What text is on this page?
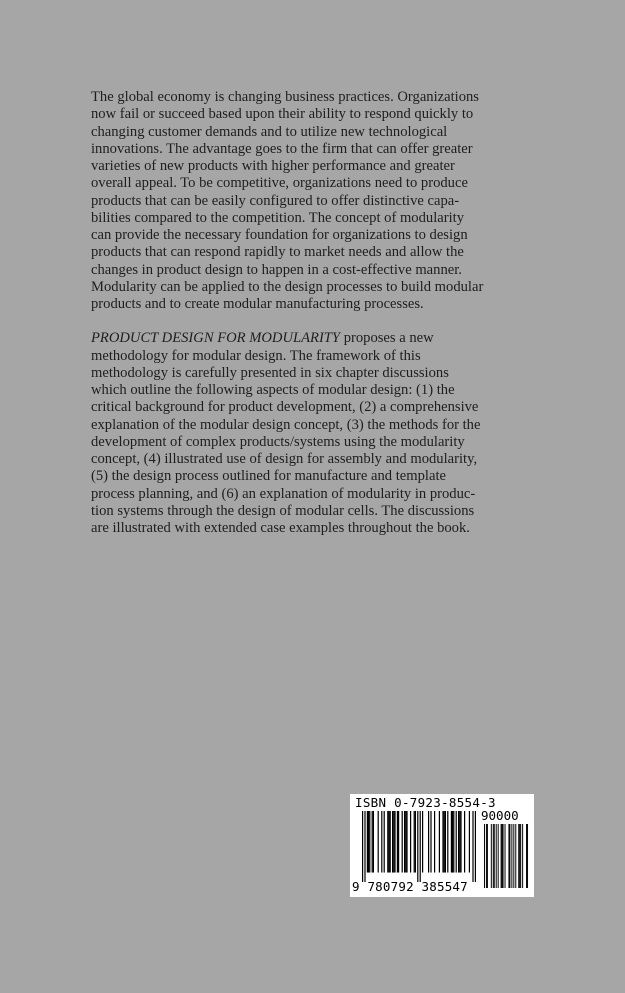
The global economy is changing business practices. Organizations
now fail or succeed based upon their ability to respond quickly to
changing customer demands and to utilize new technological
innovations. The advantage goes to the firm that can offer greater
varieties of new products with higher performance and greater
overall appeal. To be competitive, organizations need to produce
products that can be easily configured to offer distinctive capa-
bilities compared to the competition. The concept of modularity
can provide the necessary foundation for organizations to design
products that can respond rapidly to market needs and allow the
changes in product design to happen in a cost-effective manner.
Modularity can be applied to the design processes to build modular
products and to create modular manufacturing processes.
PRODUCT DESIGN FOR MODULARITY proposes a new
methodology for modular design. The framework of this
methodology is carefully presented in six chapter discussions
which outline the following aspects of modular design: (1) the
critical background for product development, (2) a comprehensive
explanation of the modular design concept, (3) the methods for the
development of complex products/systems using the modularity
concept, (4) illustrated use of design for assembly and modularity,
(5) the design process outlined for manufacture and template
process planning, and (6) an explanation of modularity in produc-
tion systems through the design of modular cells. The discussions
are illustrated with extended case examples throughout the book.
ISBN 0-7923-8554-3
90000
9 780792 385547
